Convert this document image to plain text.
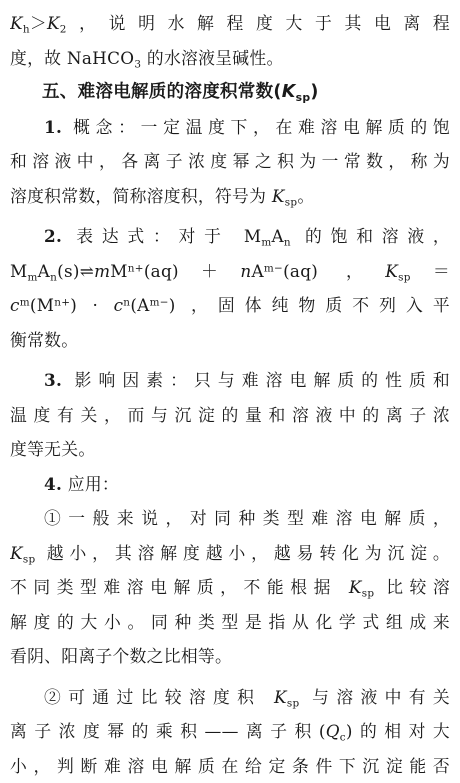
$K_h>K_2$，说明水解程度大于其电离程
度，故 NaHCO$_3$ 的水溶液呈碱性。
五、难溶电解质的溶度积常数$(K_{sp})$
1. 概念：一定温度下，在难溶电解质的饱
和溶液中，各离子浓度幂之积为一常数，称为
溶度积常数，简称溶度积，符号为 $K_{sp}$。
2. 表达式：对于 $M_mA_n$ 的饱和溶液，
$M_mA_n(s)\rightleftharpoons mM^{n+}(aq)+nA^{m-}(aq)$ ，$K_{sp}=$
$c^m(M^{n+}) \cdot c^n(A^{m-})$ ，固体纯物质不列入平
衡常数。
3. 影响因素：只与难溶电解质的性质和
温度有关，而与沉淀的量和溶液中的离子浓
度等无关。
4. 应用：
①一般来说，对同种类型难溶电解质，
$K_{sp}$ 越小，其溶解度越小，越易转化为沉淀。
不同类型难溶电解质，不能根据 $K_{sp}$ 比较溶
解度的大小。同种类型是指从化学式组成来
看阴、阳离子个数之比相等。
②可通过比较溶度积 $K_{sp}$ 与溶液中有关
离子浓度幂的乘积——离子积$(Q_c)$的相对大
小，判断难溶电解质在给定条件下沉淀能否
